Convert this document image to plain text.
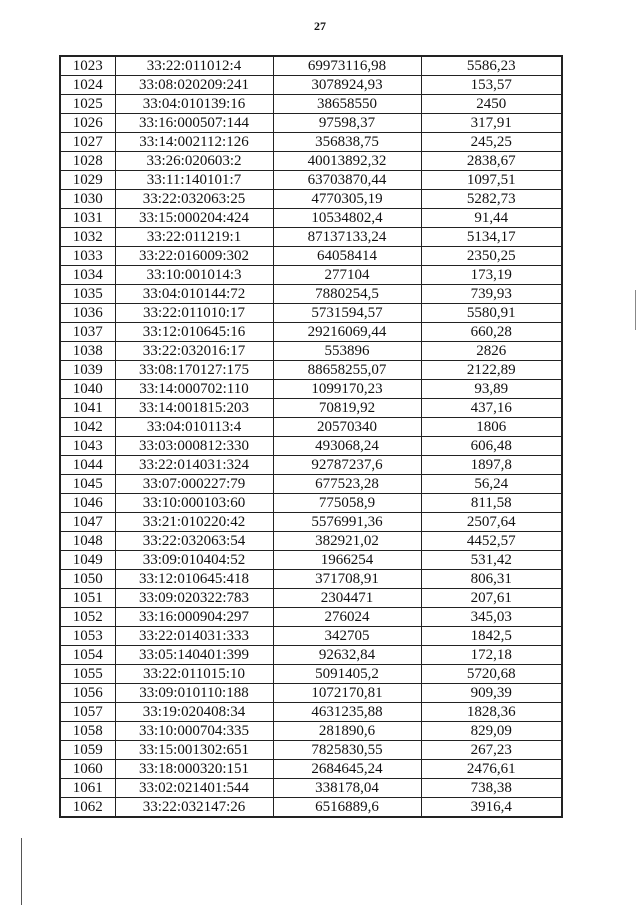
27
1023	33:22:011012:4	69973116,98	5586,23
1024	33:08:020209:241	3078924,93	153,57
1025	33:04:010139:16	38658550	2450
1026	33:16:000507:144	97598,37	317,91
1027	33:14:002112:126	356838,75	245,25
1028	33:26:020603:2	40013892,32	2838,67
1029	33:11:140101:7	63703870,44	1097,51
1030	33:22:032063:25	4770305,19	5282,73
1031	33:15:000204:424	10534802,4	91,44
1032	33:22:011219:1	87137133,24	5134,17
1033	33:22:016009:302	64058414	2350,25
1034	33:10:001014:3	277104	173,19
1035	33:04:010144:72	7880254,5	739,93
1036	33:22:011010:17	5731594,57	5580,91
1037	33:12:010645:16	29216069,44	660,28
1038	33:22:032016:17	553896	2826
1039	33:08:170127:175	88658255,07	2122,89
1040	33:14:000702:110	1099170,23	93,89
1041	33:14:001815:203	70819,92	437,16
1042	33:04:010113:4	20570340	1806
1043	33:03:000812:330	493068,24	606,48
1044	33:22:014031:324	92787237,6	1897,8
1045	33:07:000227:79	677523,28	56,24
1046	33:10:000103:60	775058,9	811,58
1047	33:21:010220:42	5576991,36	2507,64
1048	33:22:032063:54	382921,02	4452,57
1049	33:09:010404:52	1966254	531,42
1050	33:12:010645:418	371708,91	806,31
1051	33:09:020322:783	2304471	207,61
1052	33:16:000904:297	276024	345,03
1053	33:22:014031:333	342705	1842,5
1054	33:05:140401:399	92632,84	172,18
1055	33:22:011015:10	5091405,2	5720,68
1056	33:09:010110:188	1072170,81	909,39
1057	33:19:020408:34	4631235,88	1828,36
1058	33:10:000704:335	281890,6	829,09
1059	33:15:001302:651	7825830,55	267,23
1060	33:18:000320:151	2684645,24	2476,61
1061	33:02:021401:544	338178,04	738,38
1062	33:22:032147:26	6516889,6	3916,4
